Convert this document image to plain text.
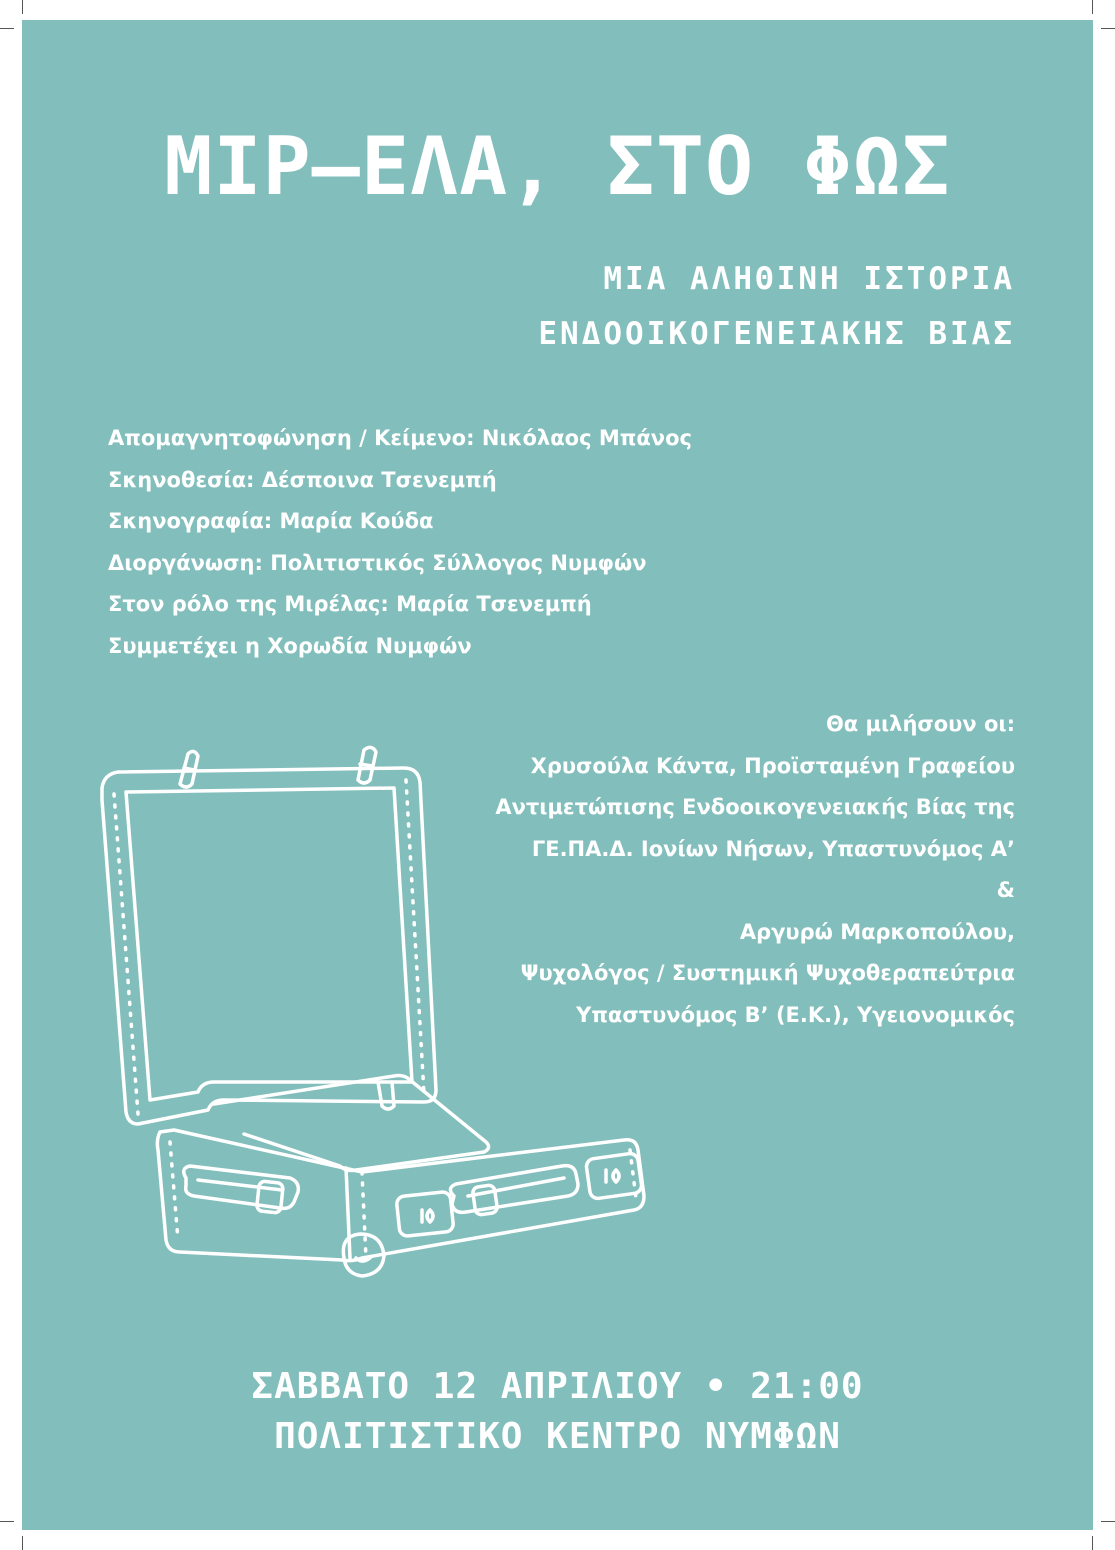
ΜΙΡ–ΕΛΑ, ΣΤΟ ΦΩΣ
ΜΙΑ ΑΛΗΘΙΝΗ ΙΣΤΟΡΙΑ
ΕΝΔΟΟΙΚΟΓΕΝΕΙΑΚΗΣ ΒΙΑΣ
Απομαγνητοφώνηση / Κείμενο: Νικόλαος Μπάνος
Σκηνοθεσία: Δέσποινα Τσενεμπή
Σκηνογραφία: Μαρία Κούδα
Διοργάνωση: Πολιτιστικός Σύλλογος Νυμφών
Στον ρόλο της Μιρέλας: Μαρία Τσενεμπή
Συμμετέχει η Χορωδία Νυμφών
Θα μιλήσουν οι:
Χρυσούλα Κάντα, Προϊσταμένη Γραφείου
Αντιμετώπισης Ενδοοικογενειακής Βίας της
ΓΕ.ΠΑ.Δ. Ιονίων Νήσων, Υπαστυνόμος Α’
&
Αργυρώ Μαρκοπούλου,
Ψυχολόγος / Συστημική Ψυχοθεραπεύτρια
Υπαστυνόμος Β’ (Ε.Κ.), Υγειονομικός
ΣΑΒΒΑΤΟ 12 ΑΠΡΙΛΙΟΥ • 21:00
ΠΟΛΙΤΙΣΤΙΚΟ ΚΕΝΤΡΟ ΝΥΜΦΩΝ
